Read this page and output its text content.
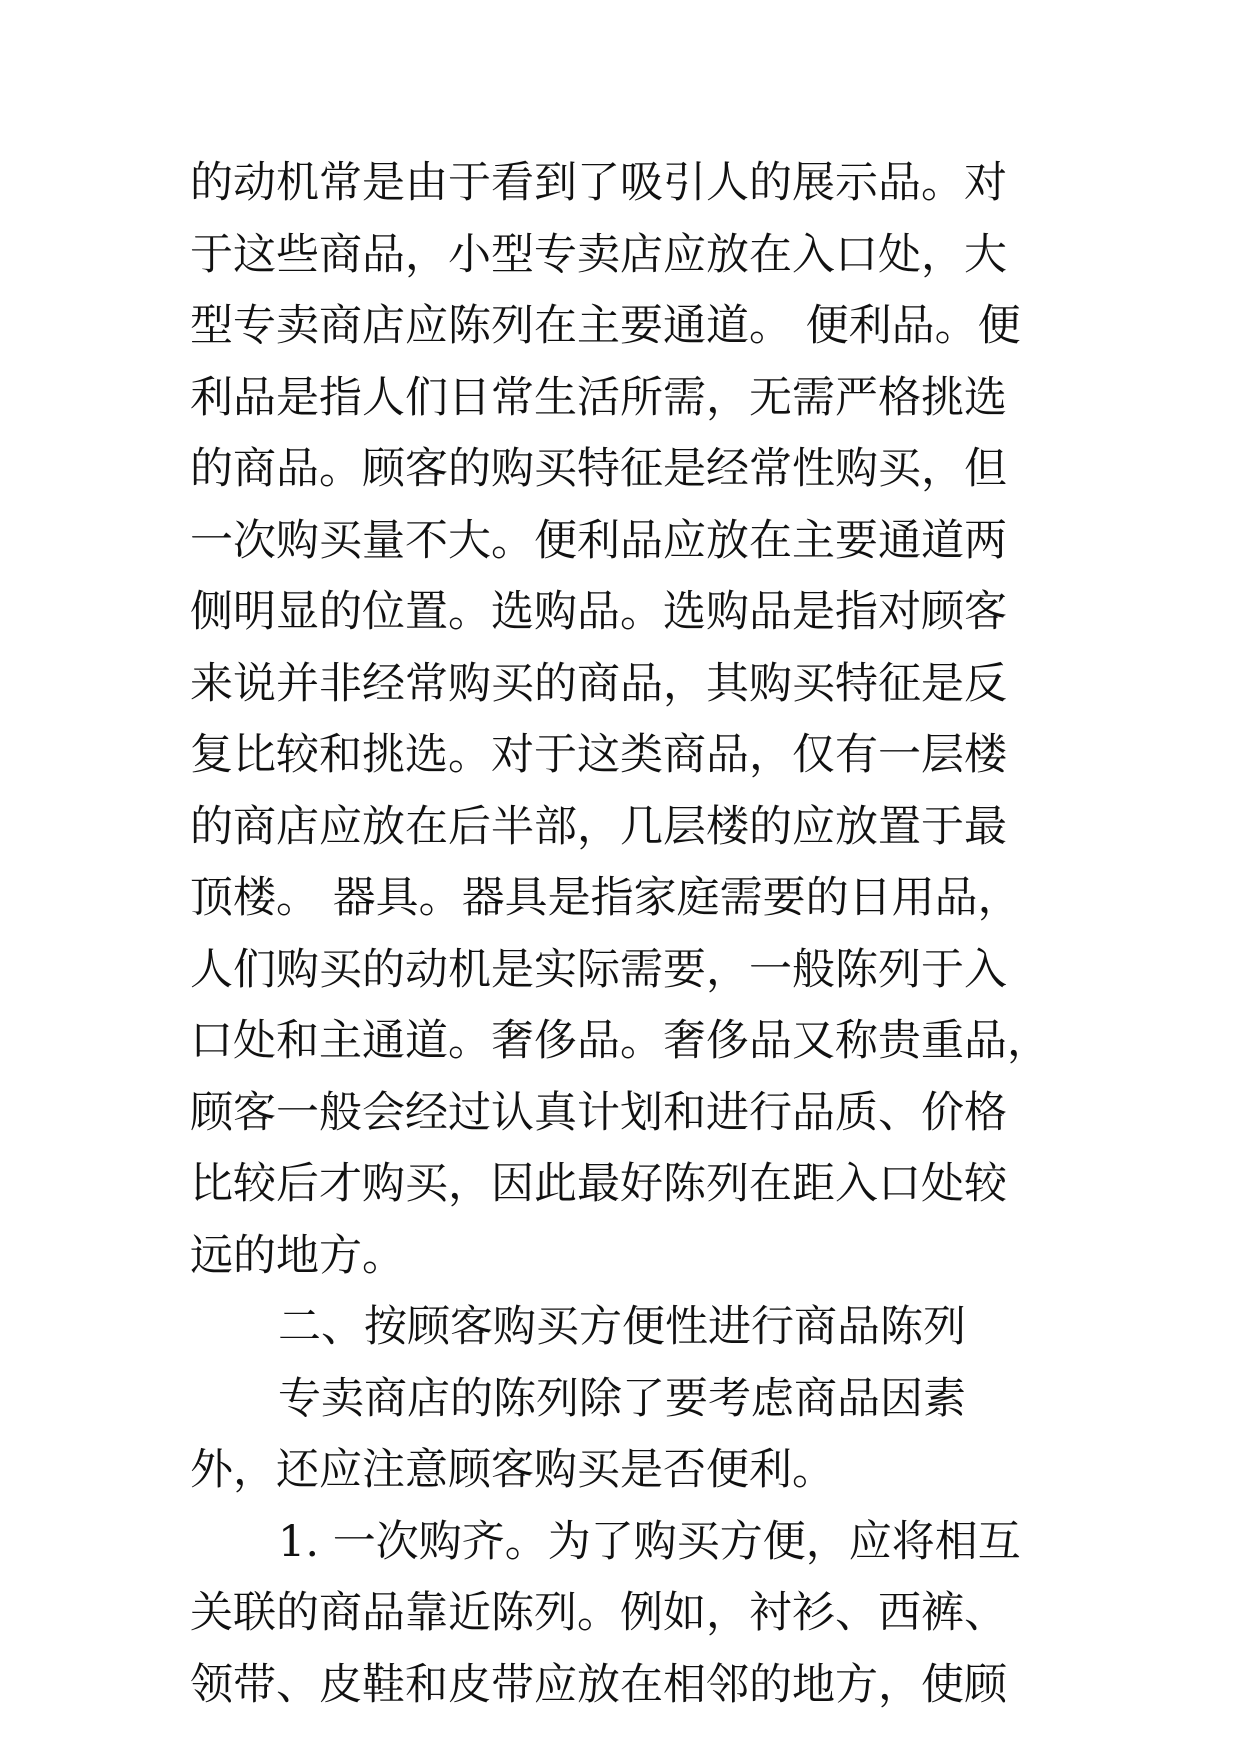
的动机常是由于看到了吸引人的展示品。对
于这些商品，小型专卖店应放在入口处，大
型专卖商店应陈列在主要通道。 便利品。便
利品是指人们日常生活所需，无需严格挑选
的商品。顾客的购买特征是经常性购买，但
一次购买量不大。便利品应放在主要通道两
侧明显的位置。选购品。选购品是指对顾客
来说并非经常购买的商品，其购买特征是反
复比较和挑选。对于这类商品，仅有一层楼
的商店应放在后半部，几层楼的应放置于最
顶楼。 器具。器具是指家庭需要的日用品，
人们购买的动机是实际需要，一般陈列于入
口处和主通道。奢侈品。奢侈品又称贵重品，
顾客一般会经过认真计划和进行品质、价格
比较后才购买，因此最好陈列在距入口处较
远的地方。
二、按顾客购买方便性进行商品陈列
专卖商店的陈列除了要考虑商品因素
外，还应注意顾客购买是否便利。
1. 一次购齐。为了购买方便，应将相互
关联的商品靠近陈列。例如，衬衫、西裤、
领带、皮鞋和皮带应放在相邻的地方，使顾
